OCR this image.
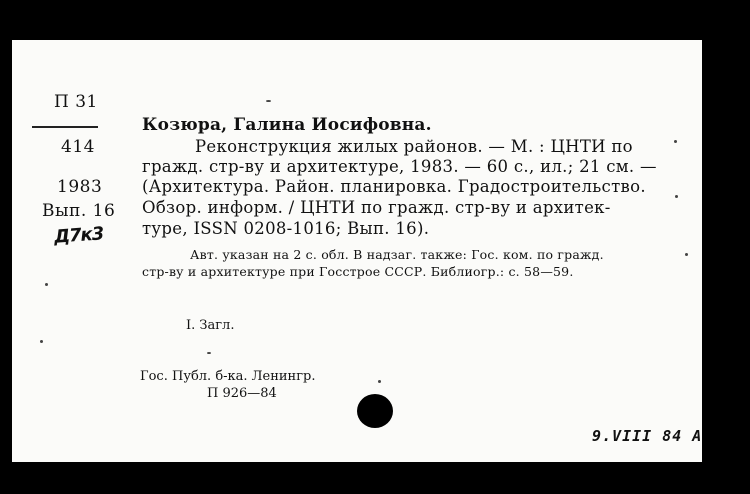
П 31
414
1983
Вып. 16
Д7к3
Козюра, Галина Иосифовна.
Реконструкция жилых районов. — М. : ЦНТИ по
гражд. стр-ву и архитектуре, 1983. — 60 с., ил.; 21 см. —
(Архитектура. Район. планировка. Градостроительство.
Обзор. информ. / ЦНТИ по гражд. стр-ву и архитек-
туре, ISSN 0208-1016; Вып. 16).
Авт. указан на 2 с. обл. В надзаг. также: Гос. ком. по гражд.
стр-ву и архитектуре при Госстрое СССР. Библиогр.: с. 58—59.
I. Загл.
Гос. Публ. б-ка. Ленингр.
П 926—84
9.VIII 84 A
